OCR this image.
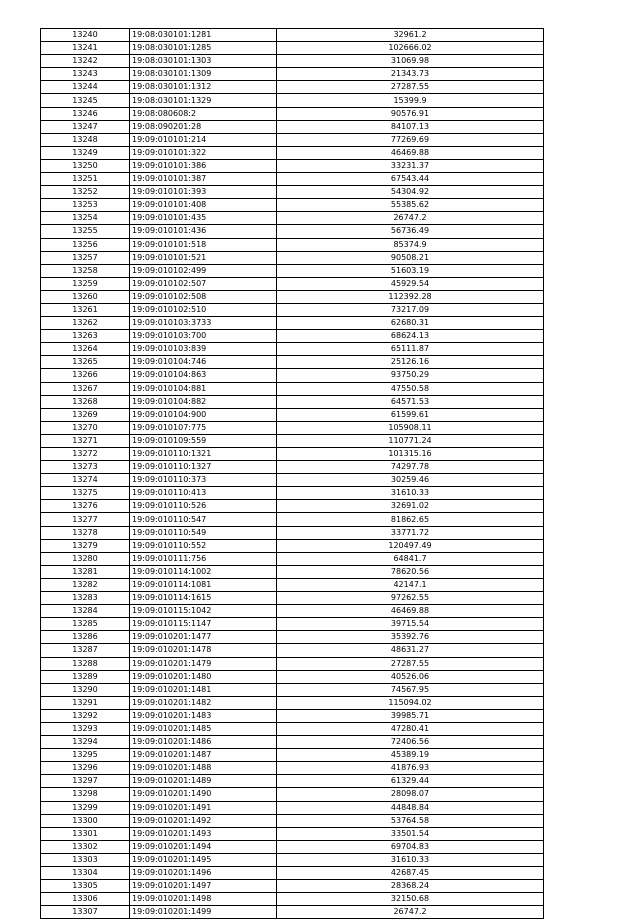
13240	19:08:030101:1281	32961.2
13241	19:08:030101:1285	102666.02
13242	19:08:030101:1303	31069.98
13243	19:08:030101:1309	21343.73
13244	19:08:030101:1312	27287.55
13245	19:08:030101:1329	15399.9
13246	19:08:080608:2	90576.91
13247	19:08:090201:28	84107.13
13248	19:09:010101:214	77269.69
13249	19:09:010101:322	46469.88
13250	19:09:010101:386	33231.37
13251	19:09:010101:387	67543.44
13252	19:09:010101:393	54304.92
13253	19:09:010101:408	55385.62
13254	19:09:010101:435	26747.2
13255	19:09:010101:436	56736.49
13256	19:09:010101:518	85374.9
13257	19:09:010101:521	90508.21
13258	19:09:010102:499	51603.19
13259	19:09:010102:507	45929.54
13260	19:09:010102:508	112392.28
13261	19:09:010102:510	73217.09
13262	19:09:010103:3733	62680.31
13263	19:09:010103:700	68624.13
13264	19:09:010103:839	65111.87
13265	19:09:010104:746	25126.16
13266	19:09:010104:863	93750.29
13267	19:09:010104:881	47550.58
13268	19:09:010104:882	64571.53
13269	19:09:010104:900	61599.61
13270	19:09:010107:775	105908.11
13271	19:09:010109:559	110771.24
13272	19:09:010110:1321	101315.16
13273	19:09:010110:1327	74297.78
13274	19:09:010110:373	30259.46
13275	19:09:010110:413	31610.33
13276	19:09:010110:526	32691.02
13277	19:09:010110:547	81862.65
13278	19:09:010110:549	33771.72
13279	19:09:010110:552	120497.49
13280	19:09:010111:756	64841.7
13281	19:09:010114:1002	78620.56
13282	19:09:010114:1081	42147.1
13283	19:09:010114:1615	97262.55
13284	19:09:010115:1042	46469.88
13285	19:09:010115:1147	39715.54
13286	19:09:010201:1477	35392.76
13287	19:09:010201:1478	48631.27
13288	19:09:010201:1479	27287.55
13289	19:09:010201:1480	40526.06
13290	19:09:010201:1481	74567.95
13291	19:09:010201:1482	115094.02
13292	19:09:010201:1483	39985.71
13293	19:09:010201:1485	47280.41
13294	19:09:010201:1486	72406.56
13295	19:09:010201:1487	45389.19
13296	19:09:010201:1488	41876.93
13297	19:09:010201:1489	61329.44
13298	19:09:010201:1490	28098.07
13299	19:09:010201:1491	44848.84
13300	19:09:010201:1492	53764.58
13301	19:09:010201:1493	33501.54
13302	19:09:010201:1494	69704.83
13303	19:09:010201:1495	31610.33
13304	19:09:010201:1496	42687.45
13305	19:09:010201:1497	28368.24
13306	19:09:010201:1498	32150.68
13307	19:09:010201:1499	26747.2
